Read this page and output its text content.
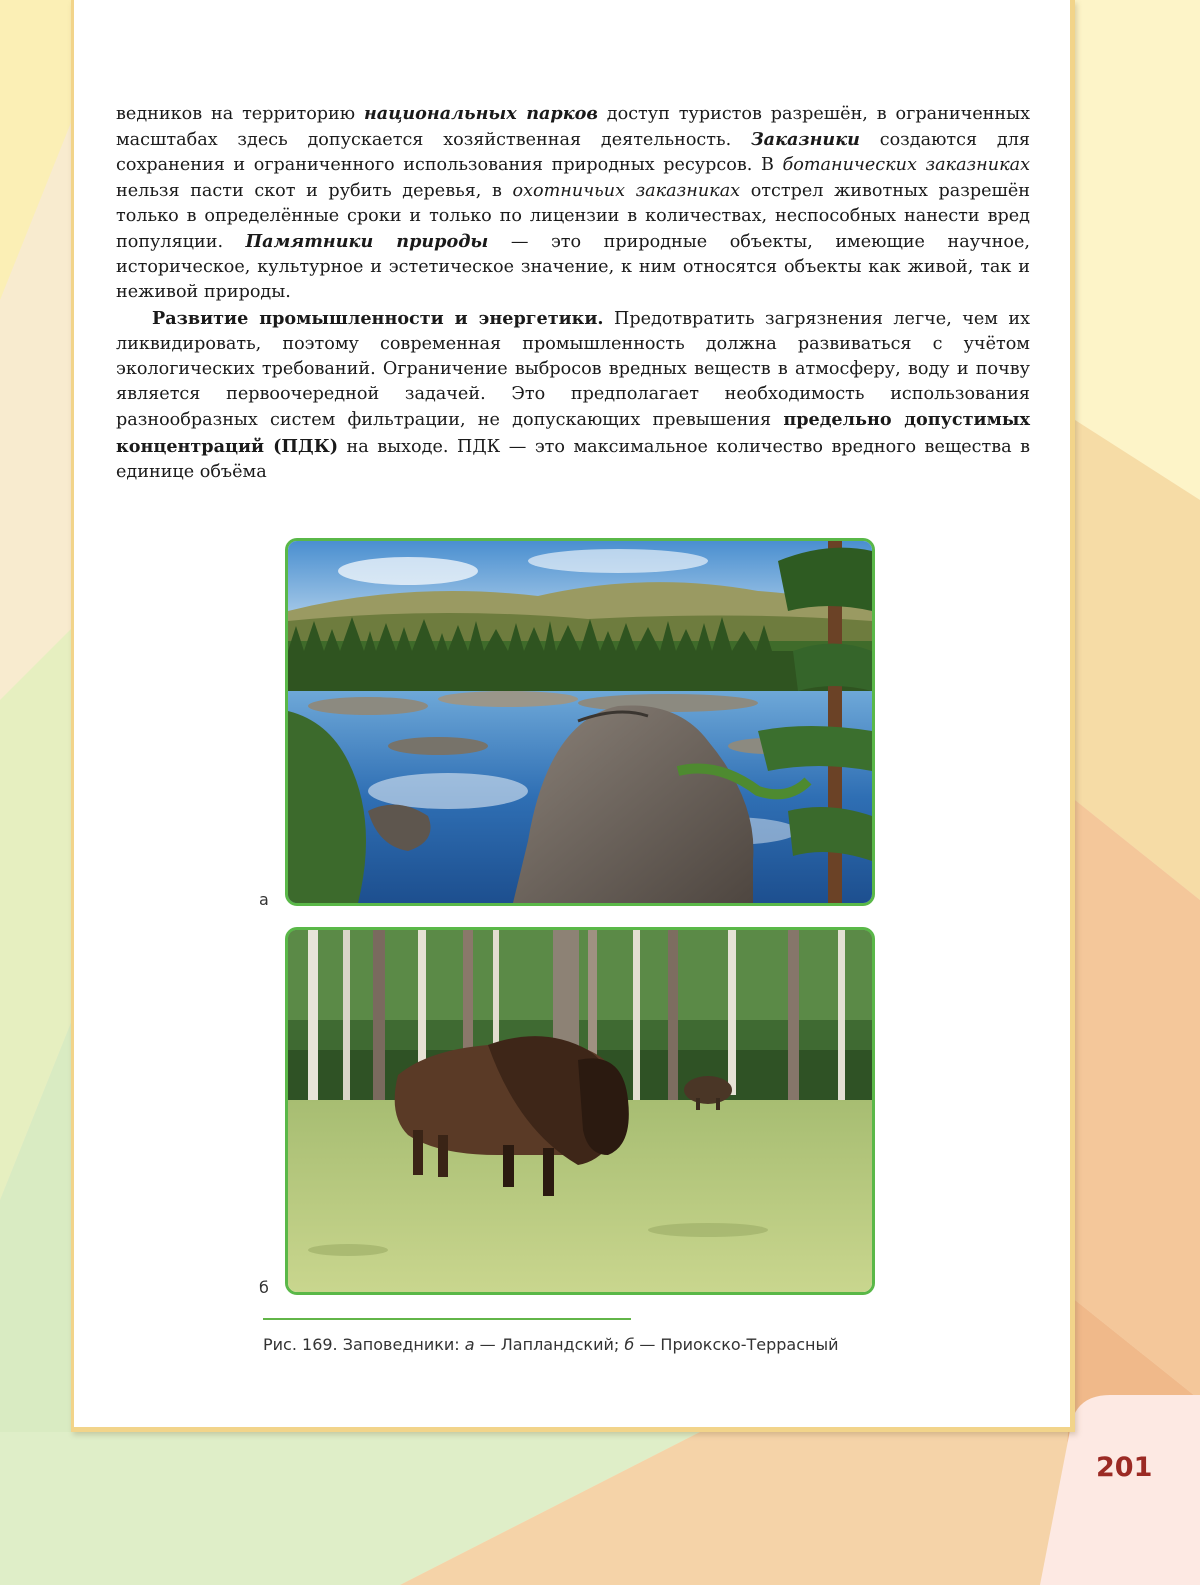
ведников на территорию национальных парков доступ туристов разрешён, в ограниченных масштабах здесь допускается хозяйственная деятельность. Заказники создаются для сохранения и ограниченного использования природных ресурсов. В ботанических заказниках нельзя пасти скот и рубить деревья, в охотничьих заказниках отстрел животных разрешён только в определённые сроки и только по лицензии в количествах, неспособных нанести вред популяции. Памятники природы — это природные объекты, имеющие научное, историческое, культурное и эстетическое значение, к ним относятся объекты как живой, так и неживой природы.

Развитие промышленности и энергетики. Предотвратить загрязнения легче, чем их ликвидировать, поэтому современная промышленность должна развиваться с учётом экологических требований. Ограничение выбросов вредных веществ в атмосферу, воду и почву является первоочередной задачей. Это предполагает необходимость использования разнообразных систем фильтрации, не допускающих превышения предельно допустимых концентраций (ПДК) на выходе. ПДК — это максимальное количество вредного вещества в единице объёма

а
б
Рис. 169. Заповедники: а — Лапландский; б — Приокско-Террасный
201
